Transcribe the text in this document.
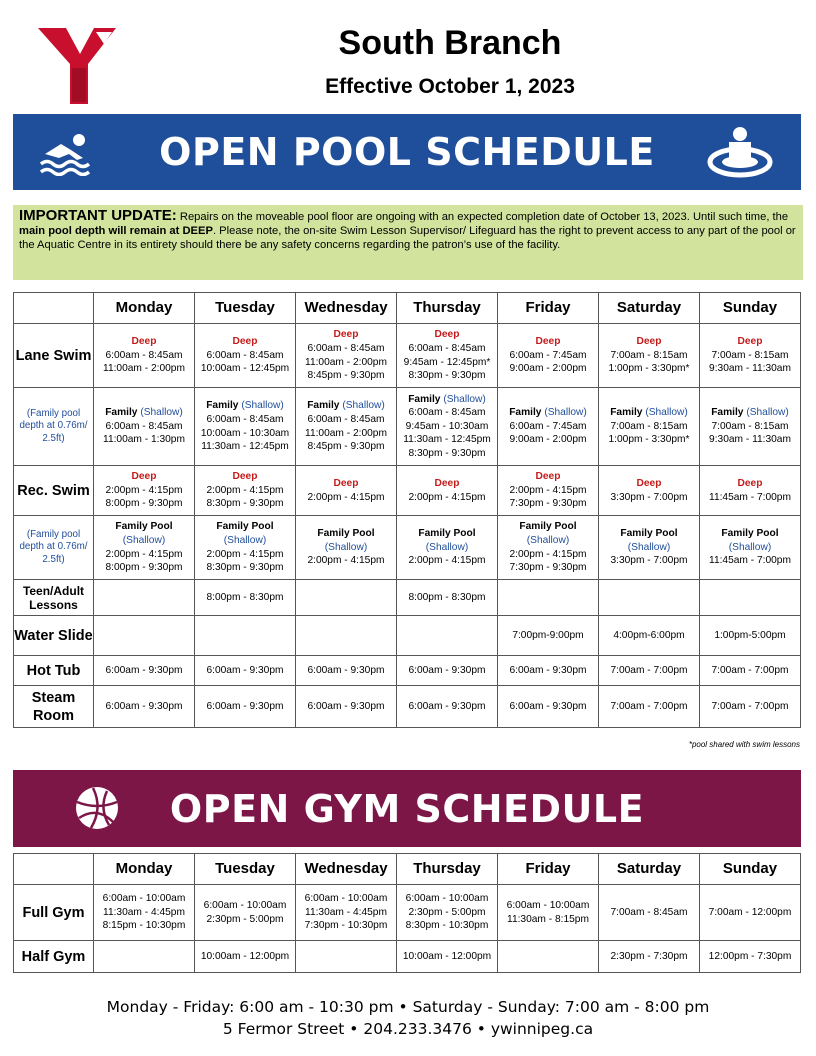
South Branch
Effective October 1, 2023
OPEN POOL SCHEDULE
IMPORTANT UPDATE: Repairs on the moveable pool floor are ongoing with an expected completion date of October 13, 2023. Until such time, the main pool depth will remain at DEEP. Please note, the on-site Swim Lesson Supervisor/ Lifeguard has the right to prevent access to any part of the pool or the Aquatic Centre in its entirety should there be any safety concerns regarding the patron’s use of the facility.
	Monday	Tuesday	Wednesday	Thursday	Friday	Saturday	Sunday
Lane Swim	Deep
6:00am - 8:45am
11:00am - 2:00pm	Deep
6:00am - 8:45am
10:00am - 12:45pm	Deep
6:00am - 8:45am
11:00am - 2:00pm
8:45pm - 9:30pm	Deep
6:00am - 8:45am
9:45am - 12:45pm*
8:30pm - 9:30pm	Deep
6:00am - 7:45am
9:00am - 2:00pm	Deep
7:00am - 8:15am
1:00pm - 3:30pm*	Deep
7:00am - 8:15am
9:30am - 11:30am

(Family pool depth at 0.76m/ 2.5ft)	Family (Shallow)
6:00am - 8:45am
11:00am - 1:30pm	Family (Shallow)
6:00am - 8:45am
10:00am - 10:30am
11:30am - 12:45pm	Family (Shallow)
6:00am - 8:45am
11:00am - 2:00pm
8:45pm - 9:30pm	Family (Shallow)
6:00am - 8:45am
9:45am - 10:30am
11:30am - 12:45pm
8:30pm - 9:30pm	Family (Shallow)
6:00am - 7:45am
9:00am - 2:00pm	Family (Shallow)
7:00am - 8:15am
1:00pm - 3:30pm*	Family (Shallow)
7:00am - 8:15am
9:30am - 11:30am

Rec. Swim	Deep
2:00pm - 4:15pm
8:00pm - 9:30pm	Deep
2:00pm - 4:15pm
8:30pm - 9:30pm	Deep
2:00pm - 4:15pm	Deep
2:00pm - 4:15pm	Deep
2:00pm - 4:15pm
7:30pm - 9:30pm	Deep
3:30pm - 7:00pm	Deep
11:45am - 7:00pm

(Family pool depth at 0.76m/ 2.5ft)	Family Pool
(Shallow)
2:00pm - 4:15pm
8:00pm - 9:30pm	Family Pool
(Shallow)
2:00pm - 4:15pm
8:30pm - 9:30pm	Family Pool
(Shallow)
2:00pm - 4:15pm	Family Pool
(Shallow)
2:00pm - 4:15pm	Family Pool
(Shallow)
2:00pm - 4:15pm
7:30pm - 9:30pm	Family Pool
(Shallow)
3:30pm - 7:00pm	Family Pool
(Shallow)
11:45am - 7:00pm

Teen/Adult Lessons		8:00pm - 8:30pm		8:00pm - 8:30pm			
Water Slide					7:00pm-9:00pm	4:00pm-6:00pm	1:00pm-5:00pm
Hot Tub	6:00am - 9:30pm	6:00am - 9:30pm	6:00am - 9:30pm	6:00am - 9:30pm	6:00am - 9:30pm	7:00am - 7:00pm	7:00am - 7:00pm
Steam Room	6:00am - 9:30pm	6:00am - 9:30pm	6:00am - 9:30pm	6:00am - 9:30pm	6:00am - 9:30pm	7:00am - 7:00pm	7:00am - 7:00pm
*pool shared with swim lessons
OPEN GYM SCHEDULE
	Monday	Tuesday	Wednesday	Thursday	Friday	Saturday	Sunday
Full Gym	6:00am - 10:00am
11:30am - 4:45pm
8:15pm - 10:30pm	6:00am - 10:00am
2:30pm - 5:00pm	6:00am - 10:00am
11:30am - 4:45pm
7:30pm - 10:30pm	6:00am - 10:00am
2:30pm - 5:00pm
8:30pm - 10:30pm	6:00am - 10:00am
11:30am - 8:15pm	7:00am - 8:45am	7:00am - 12:00pm

Half Gym		10:00am - 12:00pm		10:00am - 12:00pm		2:30pm - 7:30pm	12:00pm - 7:30pm
Monday - Friday: 6:00 am - 10:30 pm • Saturday - Sunday: 7:00 am - 8:00 pm
5 Fermor Street • 204.233.3476 • ywinnipeg.ca
